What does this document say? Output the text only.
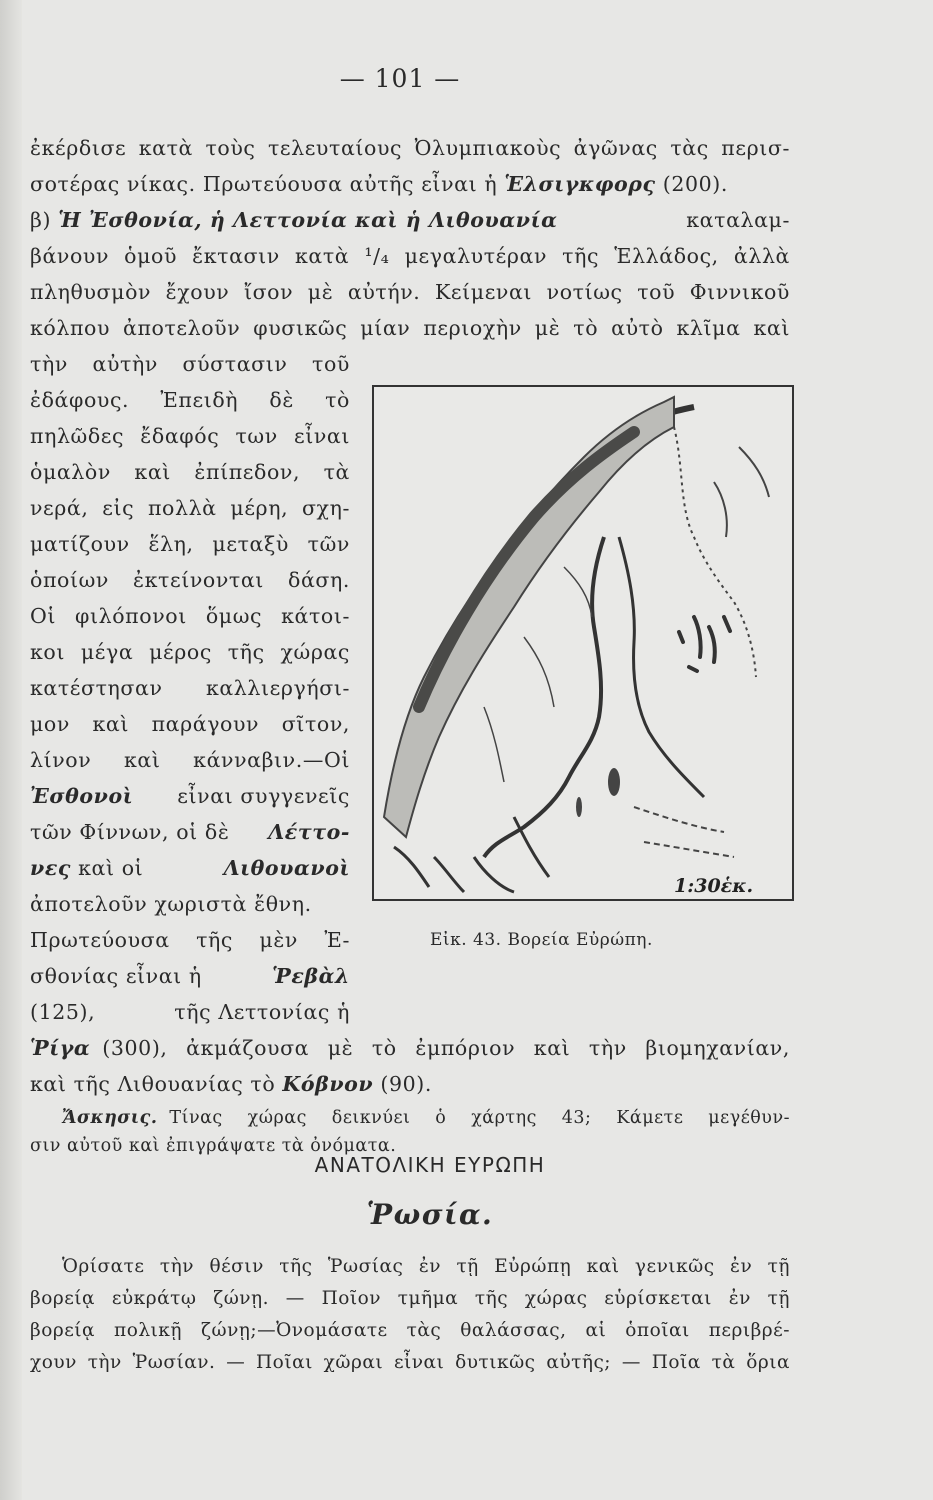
— 101 —
ἐκέρδισε κατὰ τοὺς τελευταίους Ὀλυμπιακοὺς ἀγῶνας τὰς περισ-
σοτέρας νίκας. Πρωτεύουσα αὐτῆς εἶναι ἡ Ἑλσιγκφορς (200).
β) Ἡ Ἐσθονία, ἡ Λεττονία καὶ ἡ Λιθουανία	καταλαμ-
βάνουν ὁμοῦ ἔκτασιν κατὰ ¹/₄ μεγαλυτέραν τῆς Ἑλλάδος, ἀλλὰ
πληθυσμὸν ἔχουν ἴσον μὲ αὐτήν. Κείμεναι νοτίως τοῦ Φιννικοῦ
κόλπου ἀποτελοῦν φυσικῶς μίαν περιοχὴν μὲ τὸ αὐτὸ κλῖμα καὶ
τὴν αὐτὴν σύστασιν τοῦ
ἐδάφους. Ἐπειδὴ δὲ τὸ
πηλῶδες ἔδαφός των εἶναι
ὁμαλὸν καὶ ἐπίπεδον, τὰ
νερά, εἰς πολλὰ μέρη, σχη-
ματίζουν ἕλη, μεταξὺ τῶν
ὁποίων ἐκτείνονται δάση.
Οἱ φιλόπονοι ὅμως κάτοι-
κοι μέγα μέρος τῆς χώρας
κατέστησαν καλλιεργήσι-
μον καὶ παράγουν σῖτον,
λίνον καὶ κάνναβιν.—Οἱ
Ἐσθονοὶ εἶναι συγγενεῖς
τῶν Φίννων, οἱ δὲ Λέττο-
νες καὶ οἱ	Λιθουανοὶ
ἀποτελοῦν χωριστὰ ἔθνη.
Πρωτεύουσα τῆς μὲν Ἐ-
σθονίας εἶναι ἡ	Ῥεβὰλ
(125),	τῆς Λεττονίας ἡ
1:30ἑκ.
Εἰκ. 43. Βορεία Εὐρώπη.
Ῥίγα (300), ἀκμάζουσα μὲ τὸ ἐμπόριον καὶ τὴν βιομηχανίαν,
καὶ τῆς Λιθουανίας τὸ Κόβνον (90).
Ἄσκησις. Τίνας χώρας δεικνύει ὁ χάρτης 43; Κάμετε μεγέθυν-
σιν αὐτοῦ καὶ ἐπιγράψατε τὰ ὀνόματα.
ΑΝΑΤΟΛΙΚΗ ΕΥΡΩΠΗ
Ῥωσία.
Ὁρίσατε τὴν θέσιν τῆς Ῥωσίας ἐν τῇ Εὐρώπῃ καὶ γενικῶς ἐν τῇ
βορείᾳ εὐκράτῳ ζώνῃ. — Ποῖον τμῆμα τῆς χώρας εὑρίσκεται ἐν τῇ
βορείᾳ πολικῇ ζώνῃ;—Ὀνομάσατε τὰς θαλάσσας, αἱ ὁποῖαι περιβρέ-
χουν τὴν Ῥωσίαν. — Ποῖαι χῶραι εἶναι δυτικῶς αὐτῆς; — Ποῖα τὰ ὅρια
